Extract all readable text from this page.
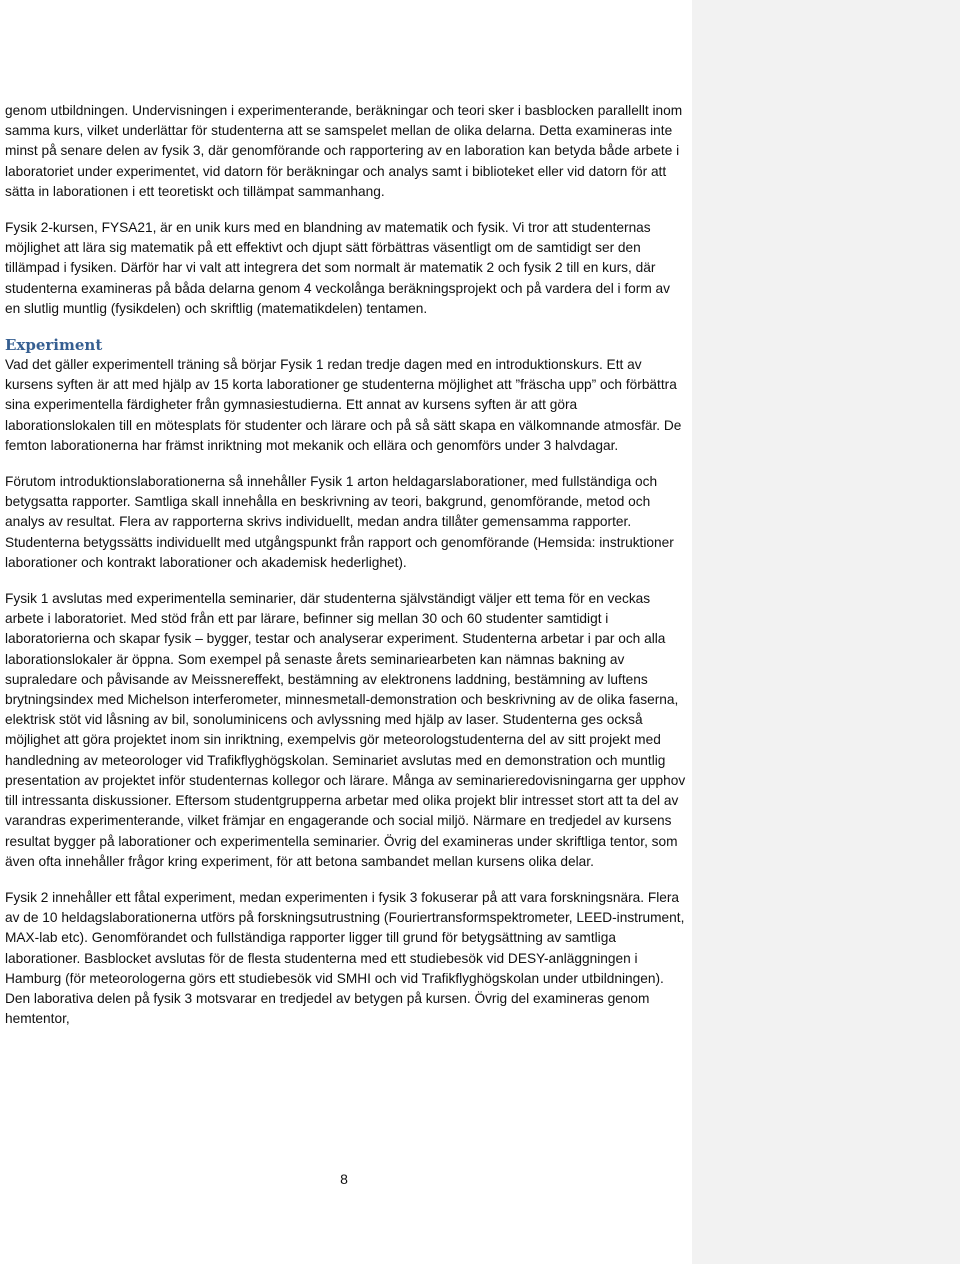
genom utbildningen. Undervisningen i experimenterande, beräkningar och teori sker i basblocken parallellt inom samma kurs, vilket underlättar för studenterna att se samspelet mellan de olika delarna. Detta examineras inte minst på senare delen av fysik 3, där genomförande och rapportering av en laboration kan betyda både arbete i laboratoriet under experimentet, vid datorn för beräkningar och analys samt i biblioteket eller vid datorn för att sätta in laborationen i ett teoretiskt och tillämpat sammanhang.

Fysik 2-kursen, FYSA21, är en unik kurs med en blandning av matematik och fysik. Vi tror att studenternas möjlighet att lära sig matematik på ett effektivt och djupt sätt förbättras väsentligt om de samtidigt ser den tillämpad i fysiken. Därför har vi valt att integrera det som normalt är matematik 2 och fysik 2 till en kurs, där studenterna examineras på båda delarna genom 4 veckolånga beräkningsprojekt och på vardera del i form av en slutlig muntlig (fysikdelen) och skriftlig (matematikdelen) tentamen.

Experiment

Vad det gäller experimentell träning så börjar Fysik 1 redan tredje dagen med en introduktionskurs. Ett av kursens syften är att med hjälp av 15 korta laborationer ge studenterna möjlighet att ”fräscha upp” och förbättra sina experimentella färdigheter från gymnasiestudierna. Ett annat av kursens syften är att göra laborationslokalen till en mötesplats för studenter och lärare och på så sätt skapa en välkomnande atmosfär. De femton laborationerna har främst inriktning mot mekanik och ellära och genomförs under 3 halvdagar.

Förutom introduktionslaborationerna så innehåller Fysik 1 arton heldagarslaborationer, med fullständiga och betygsatta rapporter. Samtliga skall innehålla en beskrivning av teori, bakgrund, genomförande, metod och analys av resultat. Flera av rapporterna skrivs individuellt, medan andra tillåter gemensamma rapporter. Studenterna betygssätts individuellt med utgångspunkt från rapport och genomförande (Hemsida: instruktioner laborationer och kontrakt laborationer och akademisk hederlighet).

Fysik 1 avslutas med experimentella seminarier, där studenterna självständigt väljer ett tema för en veckas arbete i laboratoriet. Med stöd från ett par lärare, befinner sig mellan 30 och 60 studenter samtidigt i laboratorierna och skapar fysik – bygger, testar och analyserar experiment. Studenterna arbetar i par och alla laborationslokaler är öppna. Som exempel på senaste årets seminariearbeten kan nämnas bakning av supraledare och påvisande av Meissnereffekt, bestämning av elektronens laddning, bestämning av luftens brytningsindex med Michelson interferometer, minnesmetall-demonstration och beskrivning av de olika faserna, elektrisk stöt vid låsning av bil, sonoluminicens och avlyssning med hjälp av laser. Studenterna ges också möjlighet att göra projektet inom sin inriktning, exempelvis gör meteorologstudenterna del av sitt projekt med handledning av meteorologer vid Trafikflyghögskolan. Seminariet avslutas med en demonstration och muntlig presentation av projektet inför studenternas kollegor och lärare. Många av seminarieredovisningarna ger upphov till intressanta diskussioner. Eftersom studentgrupperna arbetar med olika projekt blir intresset stort att ta del av varandras experimenterande, vilket främjar en engagerande och social miljö. Närmare en tredjedel av kursens resultat bygger på laborationer och experimentella seminarier. Övrig del examineras under skriftliga tentor, som även ofta innehåller frågor kring experiment, för att betona sambandet mellan kursens olika delar.

Fysik 2 innehåller ett fåtal experiment, medan experimenten i fysik 3 fokuserar på att vara forskningsnära. Flera av de 10 heldagslaborationerna utförs på forskningsutrustning (Fouriertransformspektrometer, LEED-instrument, MAX-lab etc). Genomförandet och fullständiga rapporter ligger till grund för betygsättning av samtliga laborationer. Basblocket avslutas för de flesta studenterna med ett studiebesök vid DESY-anläggningen i Hamburg (för meteorologerna görs ett studiebesök vid SMHI och vid Trafikflyghögskolan under utbildningen). Den laborativa delen på fysik 3 motsvarar en tredjedel av betygen på kursen. Övrig del examineras genom hemtentor,

8
